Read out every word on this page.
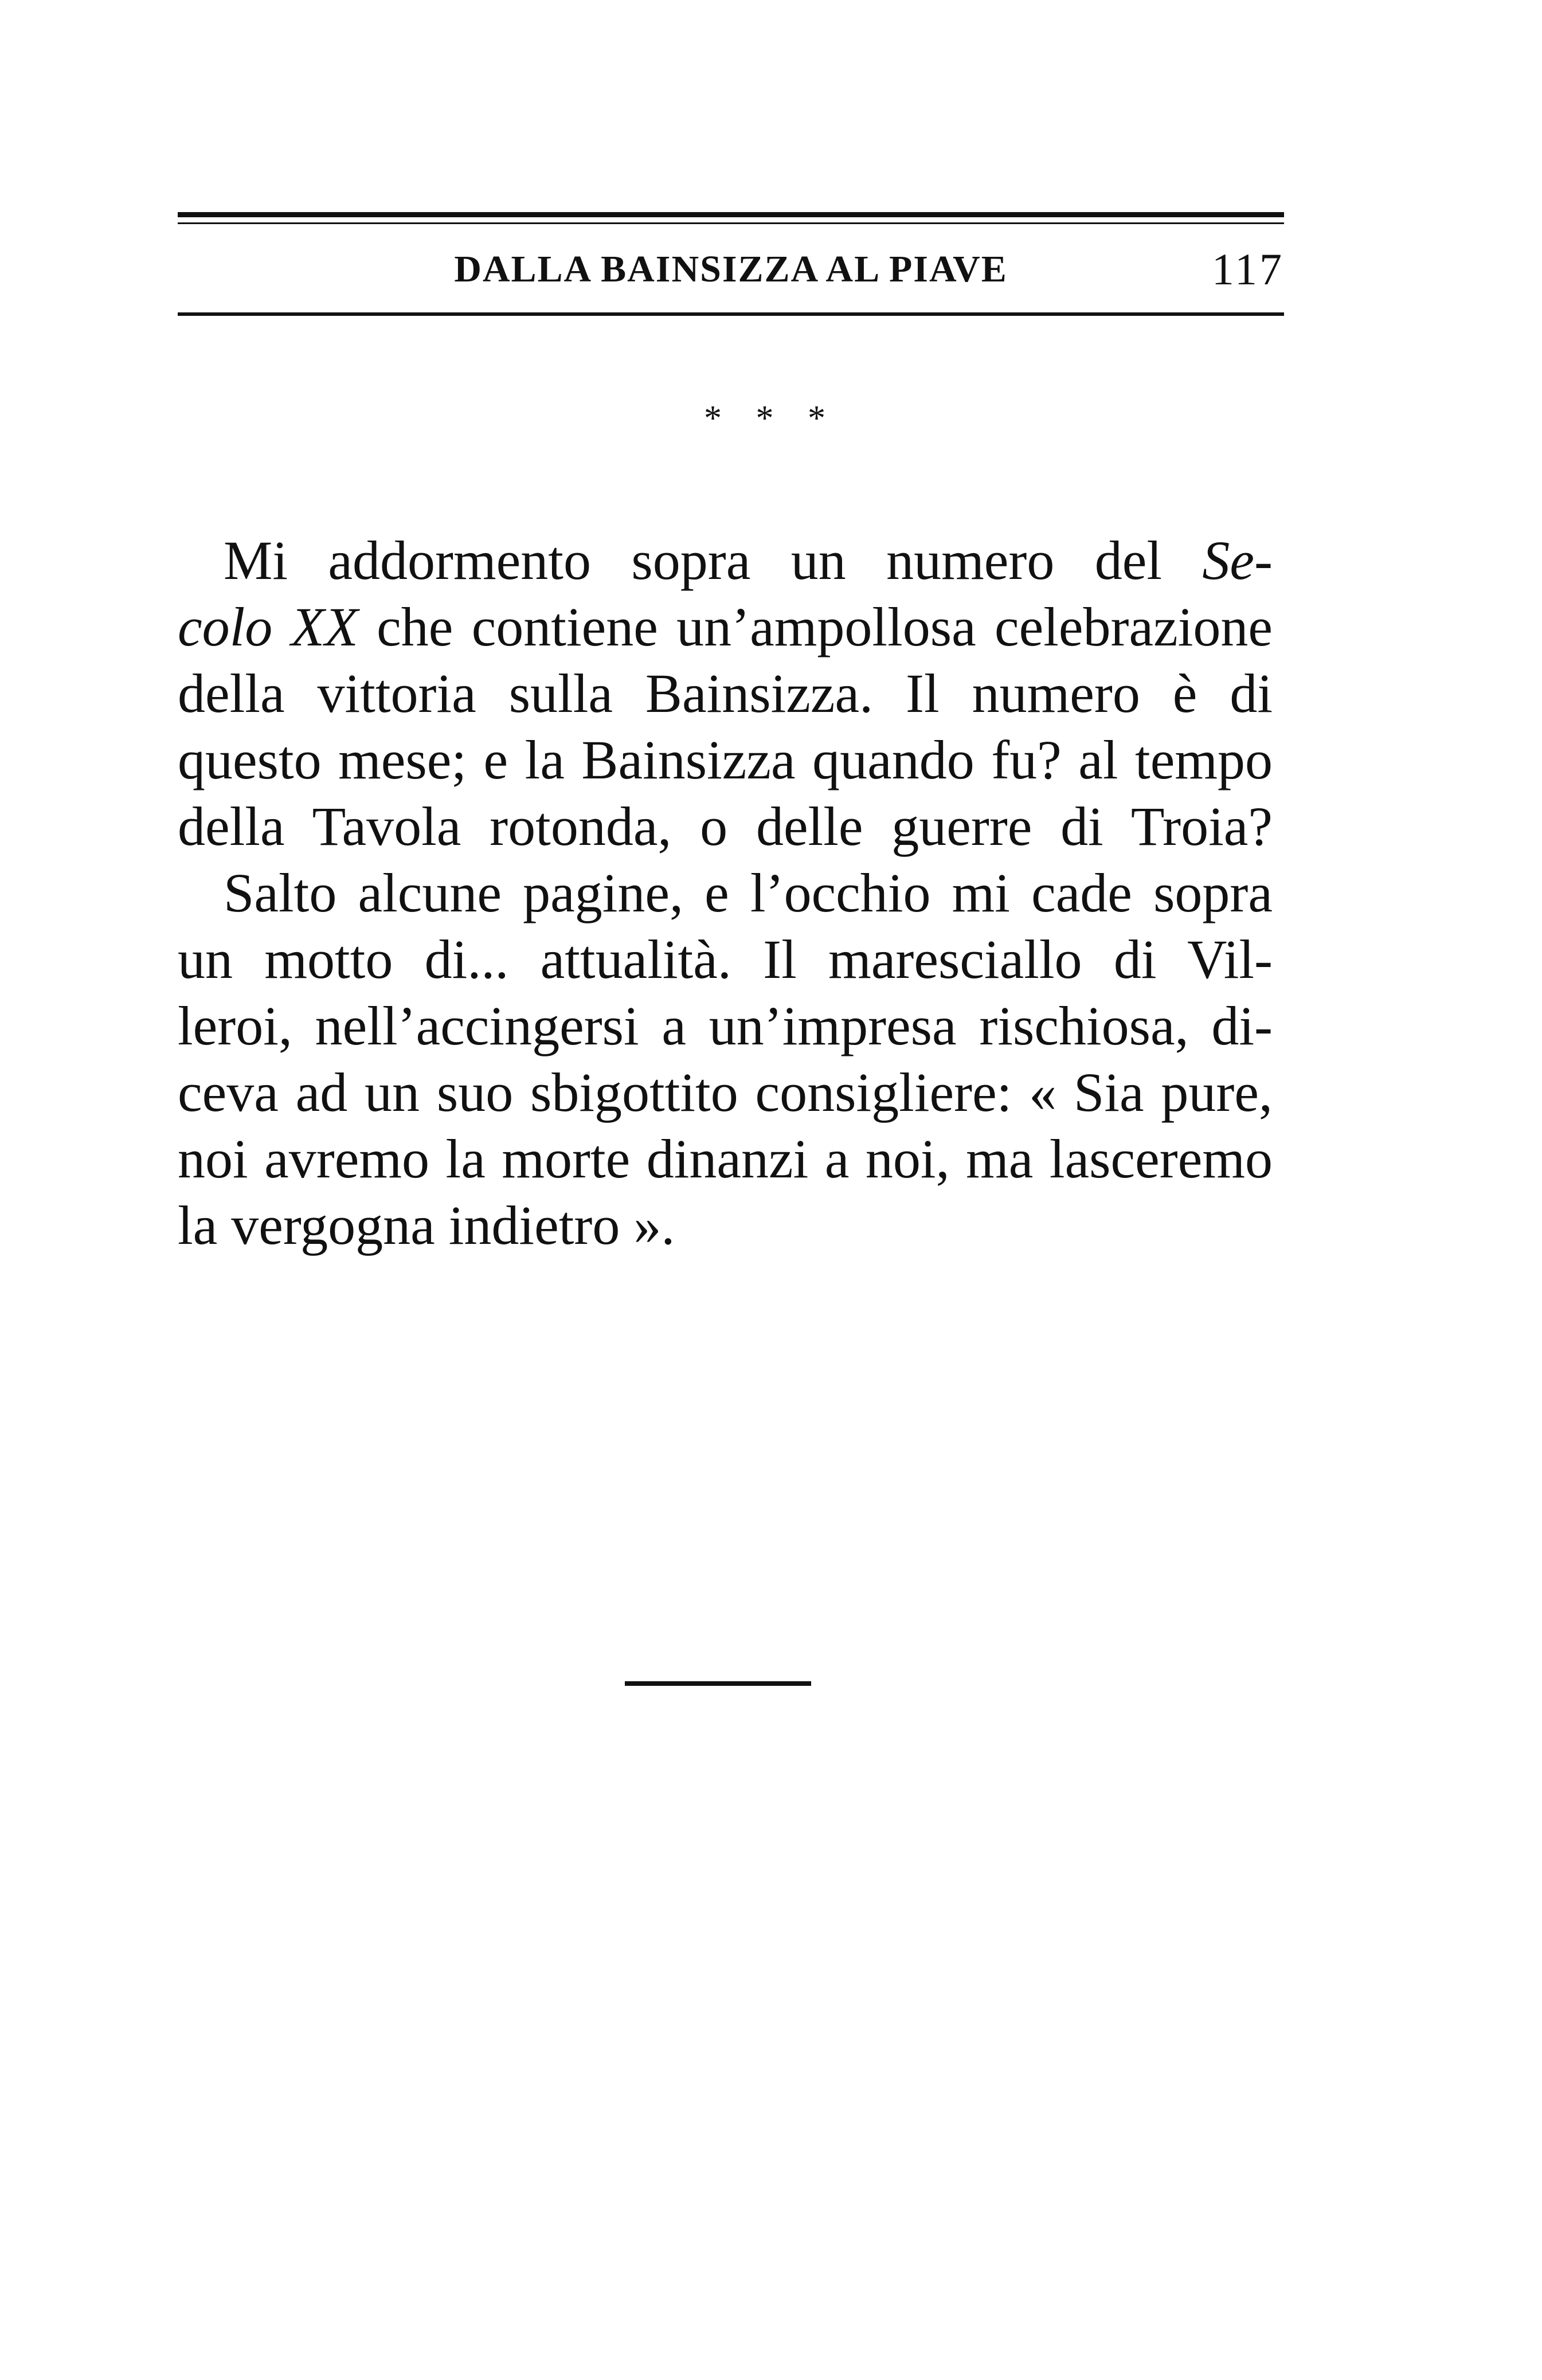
DALLA BAINSIZZA AL PIAVE	117
* * *
Mi addormento sopra un numero del Se-
colo XX che contiene un’ampollosa celebrazione
della vittoria sulla Bainsizza. Il numero è di
questo mese; e la Bainsizza quando fu? al tempo
della Tavola rotonda, o delle guerre di Troia?
Salto alcune pagine, e l’occhio mi cade sopra
un motto di... attualità. Il maresciallo di Vil-
leroi, nell’accingersi a un’impresa rischiosa, di-
ceva ad un suo sbigottito consigliere: « Sia pure,
noi avremo la morte dinanzi a noi, ma lasceremo
la vergogna indietro ».
